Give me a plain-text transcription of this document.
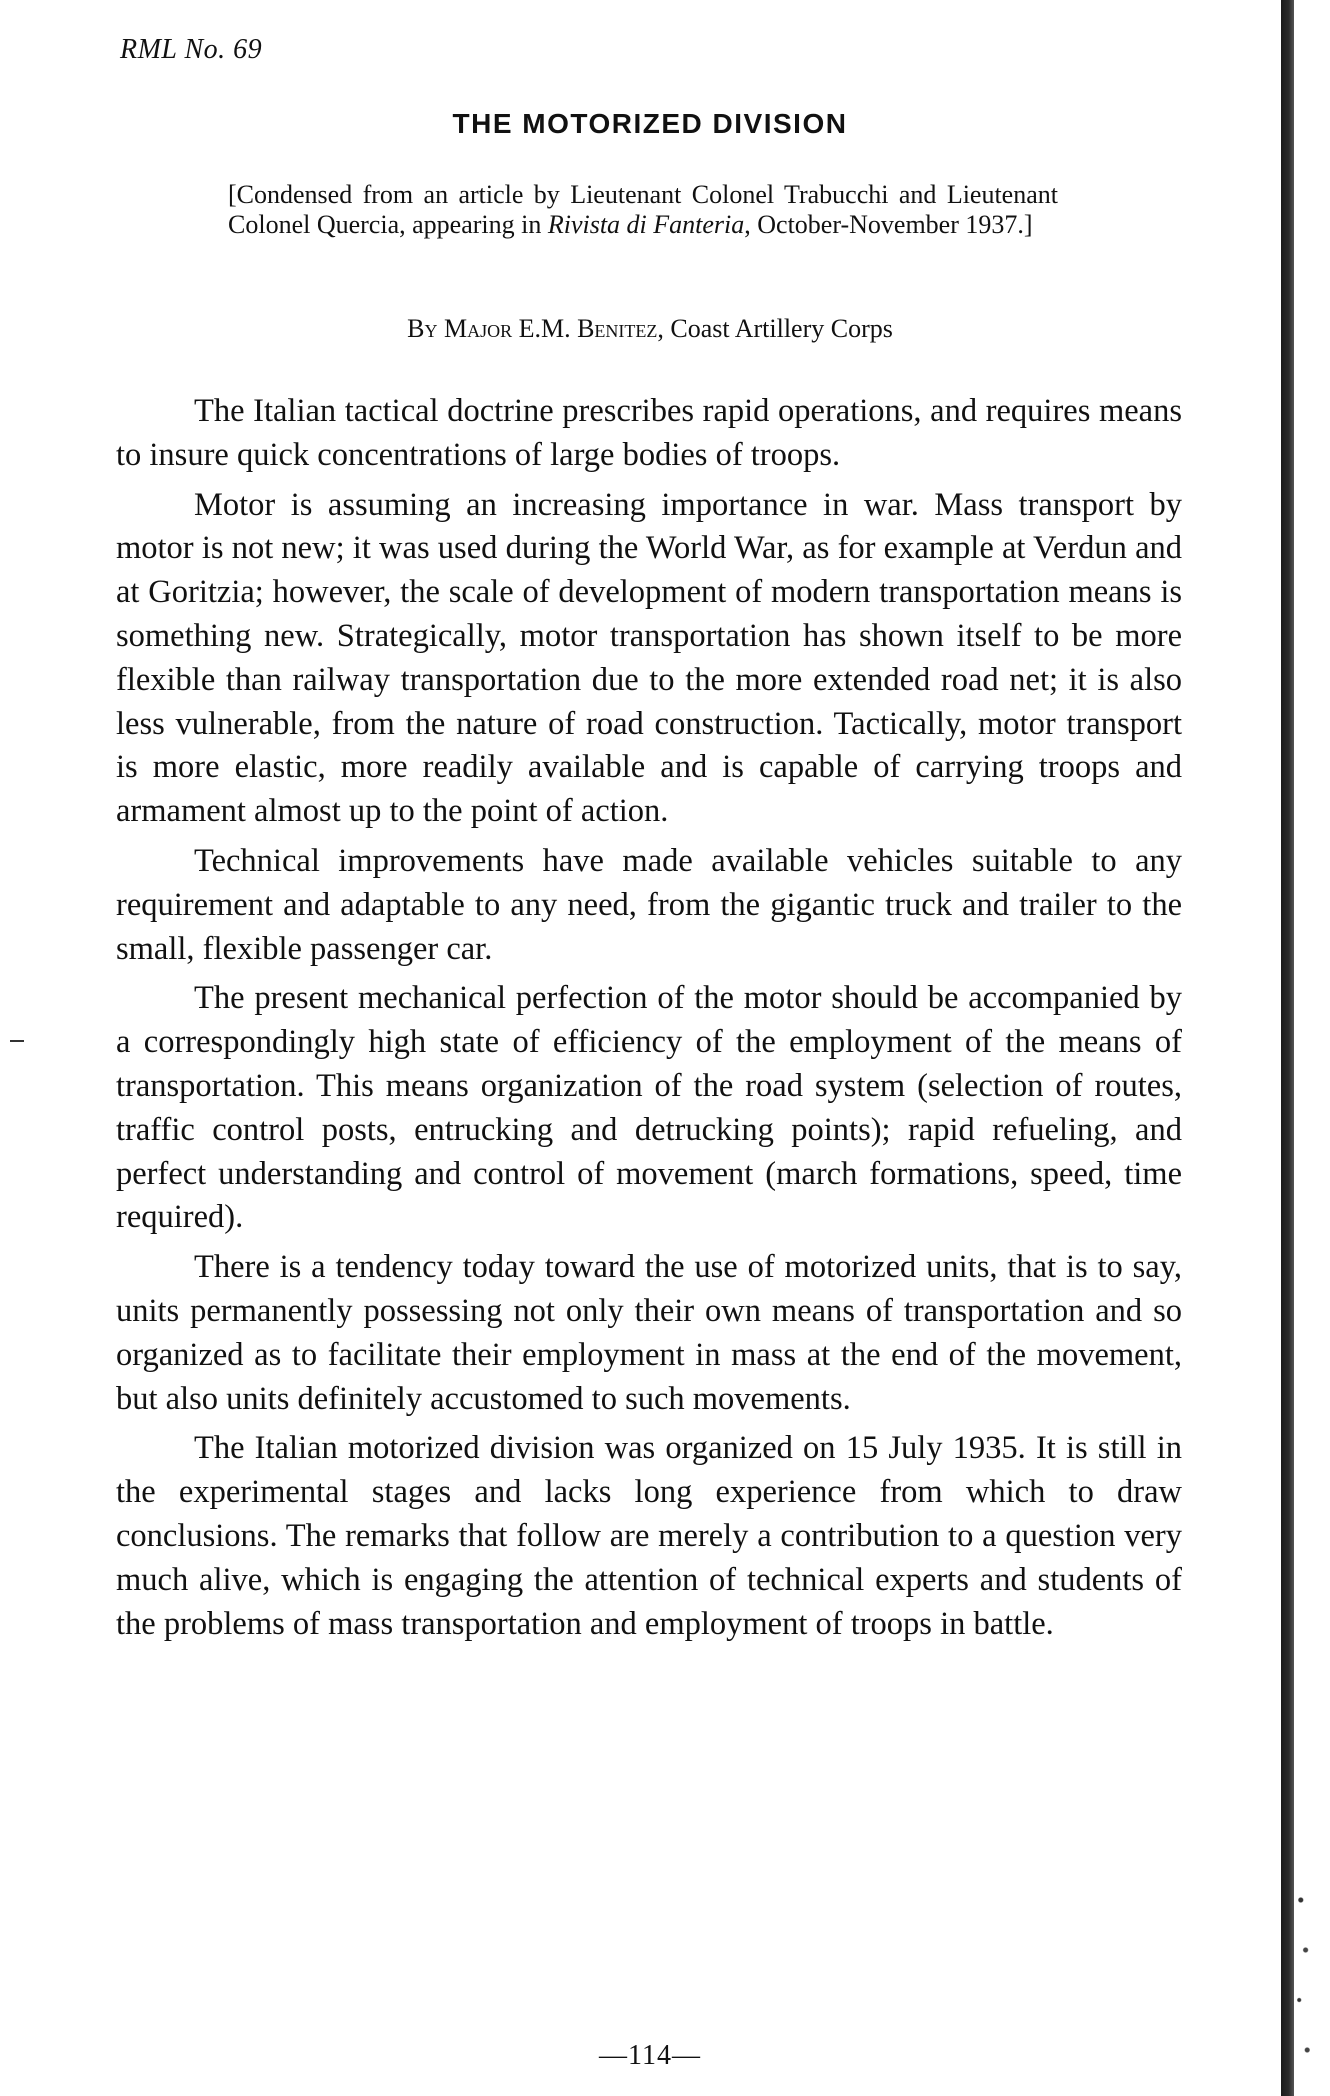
RML No. 69
THE MOTORIZED DIVISION
[Condensed from an article by Lieutenant Colonel Trabucchi and Lieutenant Colonel Quercia, appearing in Rivista di Fanteria, October-November 1937.]
By Major E.M. Benitez, Coast Artillery Corps

The Italian tactical doctrine prescribes rapid operations, and requires means to insure quick concentrations of large bodies of troops.

Motor is assuming an increasing importance in war. Mass transport by motor is not new; it was used during the World War, as for example at Verdun and at Goritzia; however, the scale of development of modern transportation means is something new. Strategically, motor transportation has shown itself to be more flexible than railway transportation due to the more extended road net; it is also less vulnerable, from the nature of road construction. Tactically, motor transport is more elastic, more readily available and is capable of carrying troops and armament almost up to the point of action.

Technical improvements have made available vehicles suitable to any requirement and adaptable to any need, from the gigantic truck and trailer to the small, flexible passenger car.

The present mechanical perfection of the motor should be accompanied by a correspondingly high state of efficiency of the employment of the means of transportation. This means organization of the road system (selection of routes, traffic control posts, entrucking and detrucking points); rapid refueling, and perfect understanding and control of movement (march formations, speed, time required).

There is a tendency today toward the use of motorized units, that is to say, units permanently possessing not only their own means of transportation and so organized as to facilitate their employment in mass at the end of the movement, but also units definitely accustomed to such movements.

The Italian motorized division was organized on 15 July 1935. It is still in the experimental stages and lacks long experience from which to draw conclusions. The remarks that follow are merely a contribution to a question very much alive, which is engaging the attention of technical experts and students of the problems of mass transportation and employment of troops in battle.

—114—
